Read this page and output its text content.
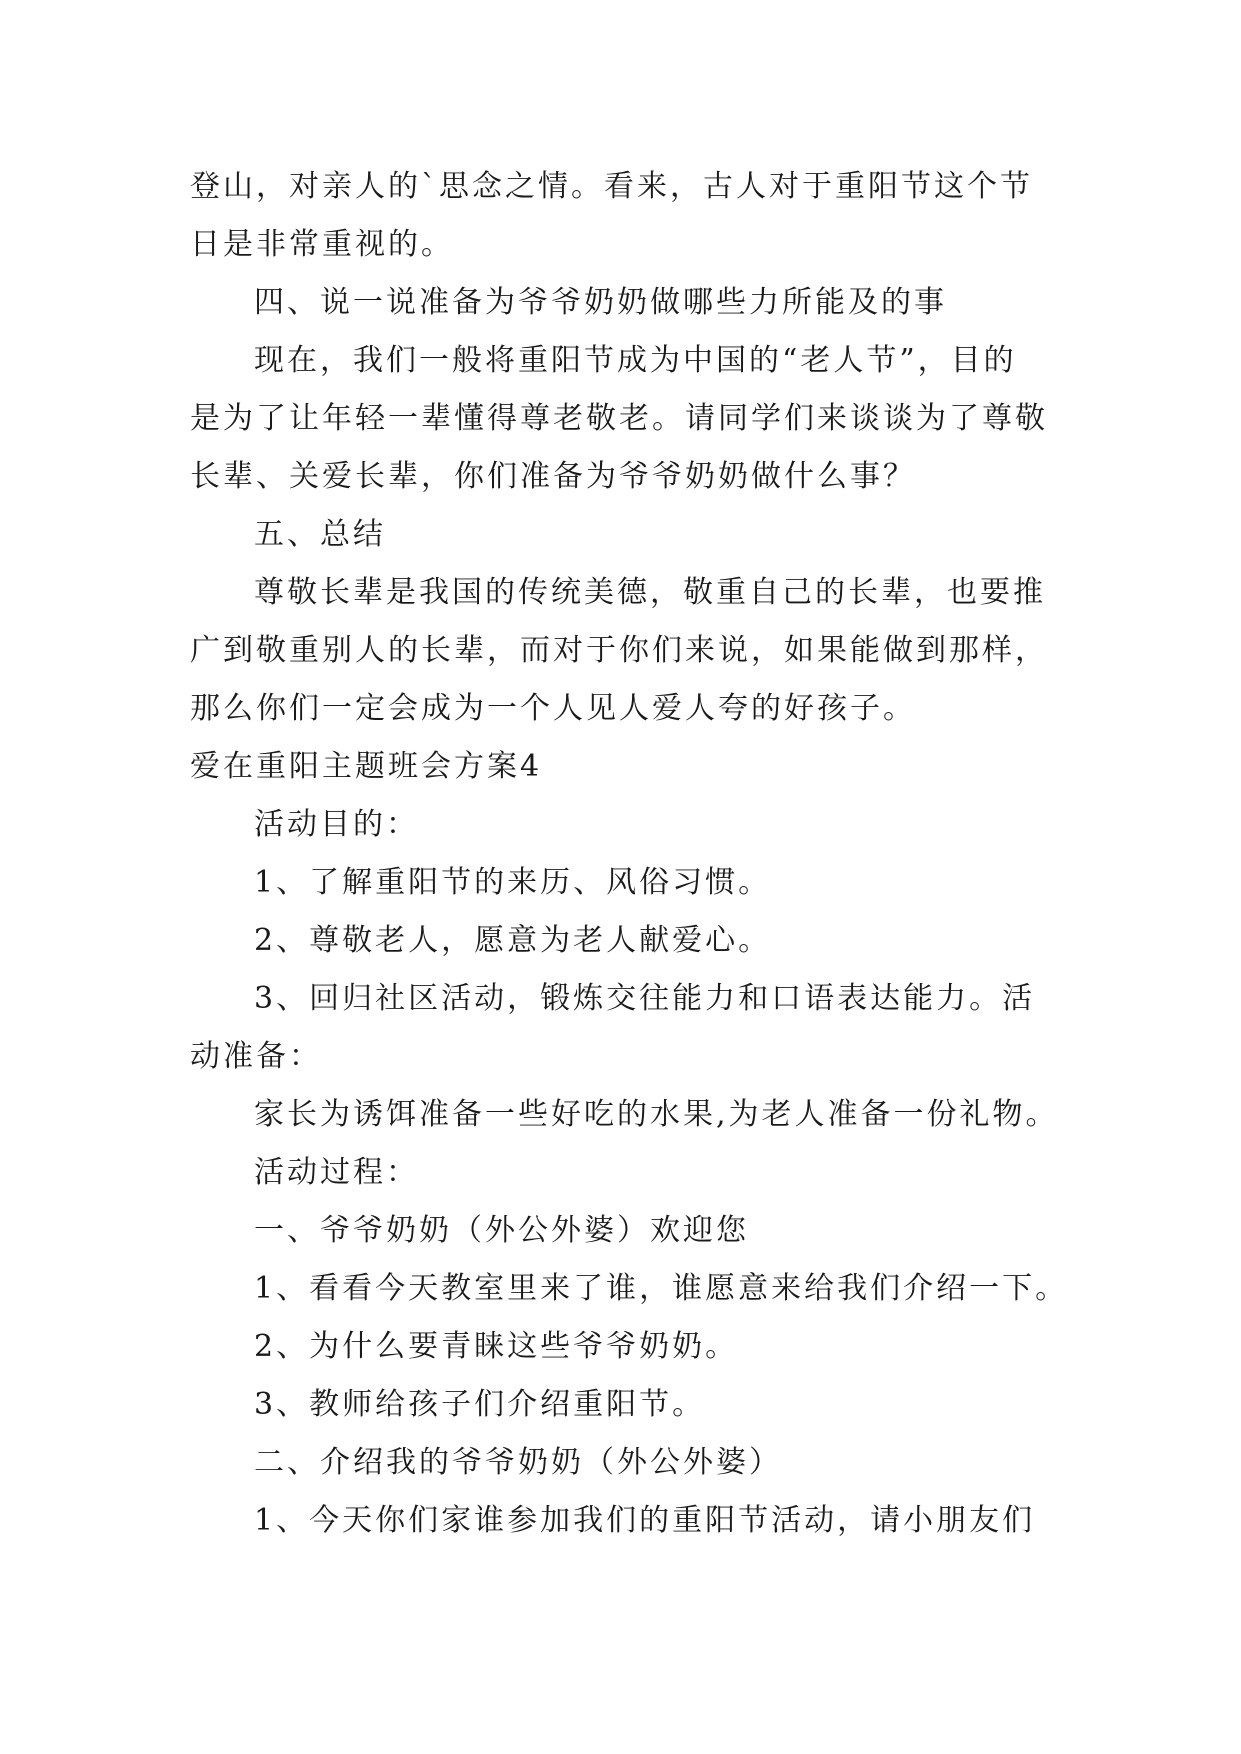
登山，对亲人的`思念之情。看来，古人对于重阳节这个节
日是非常重视的。
四、说一说准备为爷爷奶奶做哪些力所能及的事
现在，我们一般将重阳节成为中国的“老人节”，目的
是为了让年轻一辈懂得尊老敬老。请同学们来谈谈为了尊敬
长辈、关爱长辈，你们准备为爷爷奶奶做什么事？
五、总结
尊敬长辈是我国的传统美德，敬重自己的长辈，也要推
广到敬重别人的长辈，而对于你们来说，如果能做到那样，
那么你们一定会成为一个人见人爱人夸的好孩子。
爱在重阳主题班会方案4
活动目的：
1、了解重阳节的来历、风俗习惯。
2、尊敬老人，愿意为老人献爱心。
3、回归社区活动，锻炼交往能力和口语表达能力。活
动准备：
家长为诱饵准备一些好吃的水果,为老人准备一份礼物。
活动过程：
一、爷爷奶奶（外公外婆）欢迎您
1、看看今天教室里来了谁，谁愿意来给我们介绍一下。
2、为什么要青睐这些爷爷奶奶。
3、教师给孩子们介绍重阳节。
二、介绍我的爷爷奶奶（外公外婆）
1、今天你们家谁参加我们的重阳节活动，请小朋友们
